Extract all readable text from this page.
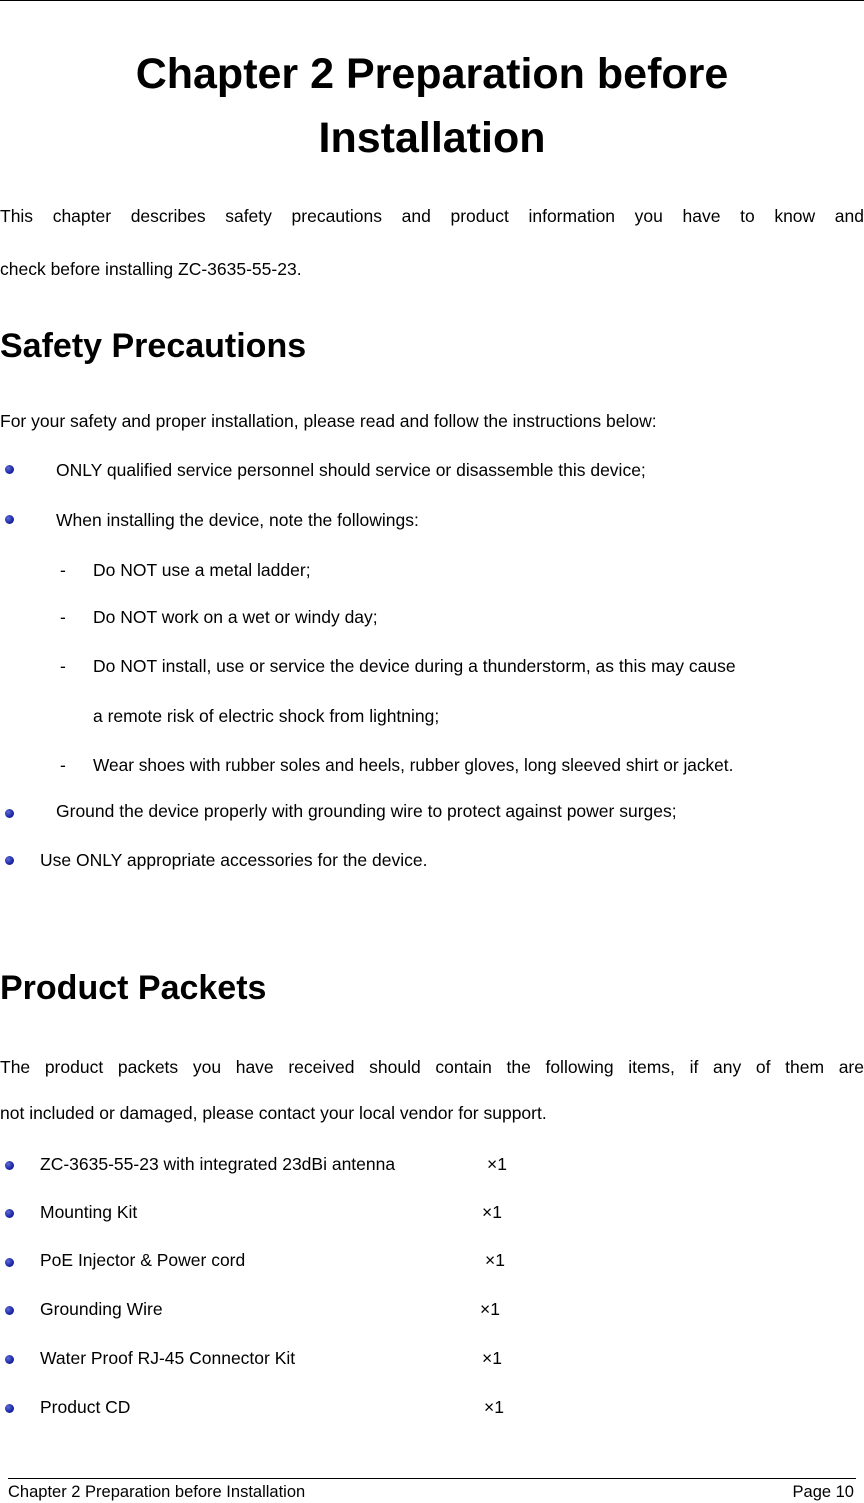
Chapter 2 Preparation before
Installation
This chapter describes safety precautions and product information you have to know and
check before installing ZC-3635-55-23.
Safety Precautions
For your safety and proper installation, please read and follow the instructions below:
ONLY qualified service personnel should service or disassemble this device;
When installing the device, note the followings:
- Do NOT use a metal ladder;
- Do NOT work on a wet or windy day;
- Do NOT install, use or service the device during a thunderstorm, as this may cause
a remote risk of electric shock from lightning;
- Wear shoes with rubber soles and heels, rubber gloves, long sleeved shirt or jacket.
Ground the device properly with grounding wire to protect against power surges;
Use ONLY appropriate accessories for the device.
Product Packets
The product packets you have received should contain the following items, if any of them are
not included or damaged, please contact your local vendor for support.
ZC-3635-55-23 with integrated 23dBi antenna	×1
Mounting Kit	×1
PoE Injector & Power cord	×1
Grounding Wire	×1
Water Proof RJ-45 Connector Kit	×1
Product CD	×1
Chapter 2 Preparation before Installation	Page 10
